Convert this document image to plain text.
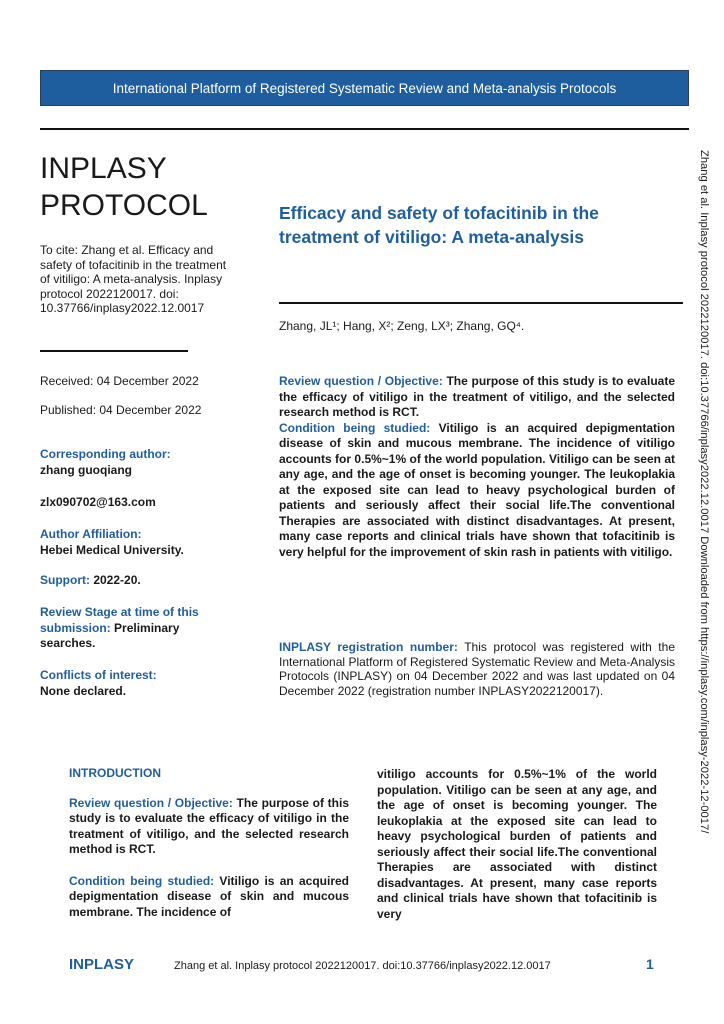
International Platform of Registered Systematic Review and Meta-analysis Protocols
INPLASY
PROTOCOL
To cite: Zhang et al. Efficacy and safety of tofacitinib in the treatment of vitiligo: A meta-analysis. Inplasy protocol 2022120017. doi: 10.37766/inplasy2022.12.0017
Received: 04 December 2022
Published: 04 December 2022
Corresponding author:
zhang guoqiang
zlx090702@163.com
Author Affiliation:
Hebei Medical University.
Support: 2022-20.
Review Stage at time of this submission: Preliminary searches.
Conflicts of interest:
None declared.
Efficacy and safety of tofacitinib in the treatment of vitiligo: A meta-analysis
Zhang, JL¹; Hang, X²; Zeng, LX³; Zhang, GQ⁴.
Review question / Objective: The purpose of this study is to evaluate the efficacy of vitiligo in the treatment of vitiligo, and the selected research method is RCT.
Condition being studied: Vitiligo is an acquired depigmentation disease of skin and mucous membrane. The incidence of vitiligo accounts for 0.5%~1% of the world population. Vitiligo can be seen at any age, and the age of onset is becoming younger. The leukoplakia at the exposed site can lead to heavy psychological burden of patients and seriously affect their social life.The conventional Therapies are associated with distinct disadvantages. At present, many case reports and clinical trials have shown that tofacitinib is very helpful for the improvement of skin rash in patients with vitiligo.
INPLASY registration number: This protocol was registered with the International Platform of Registered Systematic Review and Meta-Analysis Protocols (INPLASY) on 04 December 2022 and was last updated on 04 December 2022 (registration number INPLASY2022120017).

INTRODUCTION

Review question / Objective: The purpose of this study is to evaluate the efficacy of vitiligo in the treatment of vitiligo, and the selected research method is RCT.

Condition being studied: Vitiligo is an acquired depigmentation disease of skin and mucous membrane. The incidence of

vitiligo accounts for 0.5%~1% of the world population. Vitiligo can be seen at any age, and the age of onset is becoming younger. The leukoplakia at the exposed site can lead to heavy psychological burden of patients and seriously affect their social life.The conventional Therapies are associated with distinct disadvantages. At present, many case reports and clinical trials have shown that tofacitinib is very
INPLASY	Zhang et al. Inplasy protocol 2022120017. doi:10.37766/inplasy2022.12.0017	1
Zhang et al. Inplasy protocol 2022120017. doi:10.37766/inplasy2022.12.0017 Downloaded from https://inplasy.com/inplasy-2022-12-0017/
